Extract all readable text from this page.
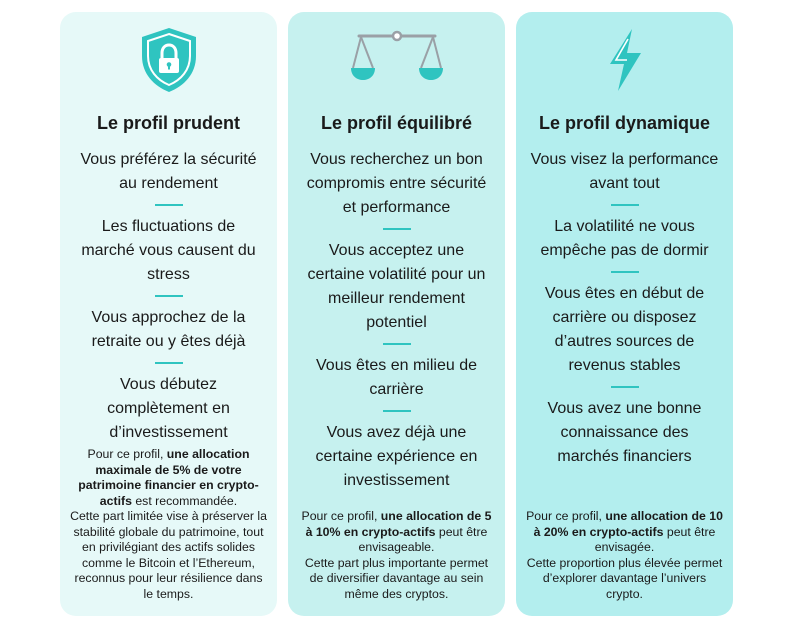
Le profil prudent
Vous préférez la sécurité au rendement
Les fluctuations de marché vous causent du stress
Vous approchez de la retraite ou y êtes déjà
Vous débutez complètement en d’investissement
Pour ce profil, une allocation maximale de 5% de votre patrimoine financier en crypto-actifs est recommandée.
Cette part limitée vise à préserver la stabilité globale du patrimoine, tout en privilégiant des actifs solides comme le Bitcoin et l’Ethereum, reconnus pour leur résilience dans le temps.
Le profil équilibré
Vous recherchez un bon compromis entre sécurité et performance
Vous acceptez une certaine volatilité pour un meilleur rendement potentiel
Vous êtes en milieu de carrière
Vous avez déjà une certaine expérience en investissement
Pour ce profil, une allocation de 5 à 10% en crypto-actifs peut être envisageable.
Cette part plus importante permet de diversifier davantage au sein même des cryptos.
Le profil dynamique
Vous visez la performance avant tout
La volatilité ne vous empêche pas de dormir
Vous êtes en début de carrière ou disposez d’autres sources de revenus stables
Vous avez une bonne connaissance des marchés financiers
Pour ce profil, une allocation de 10 à 20% en crypto-actifs peut être envisagée.
Cette proportion plus élevée permet d’explorer davantage l’univers crypto.
